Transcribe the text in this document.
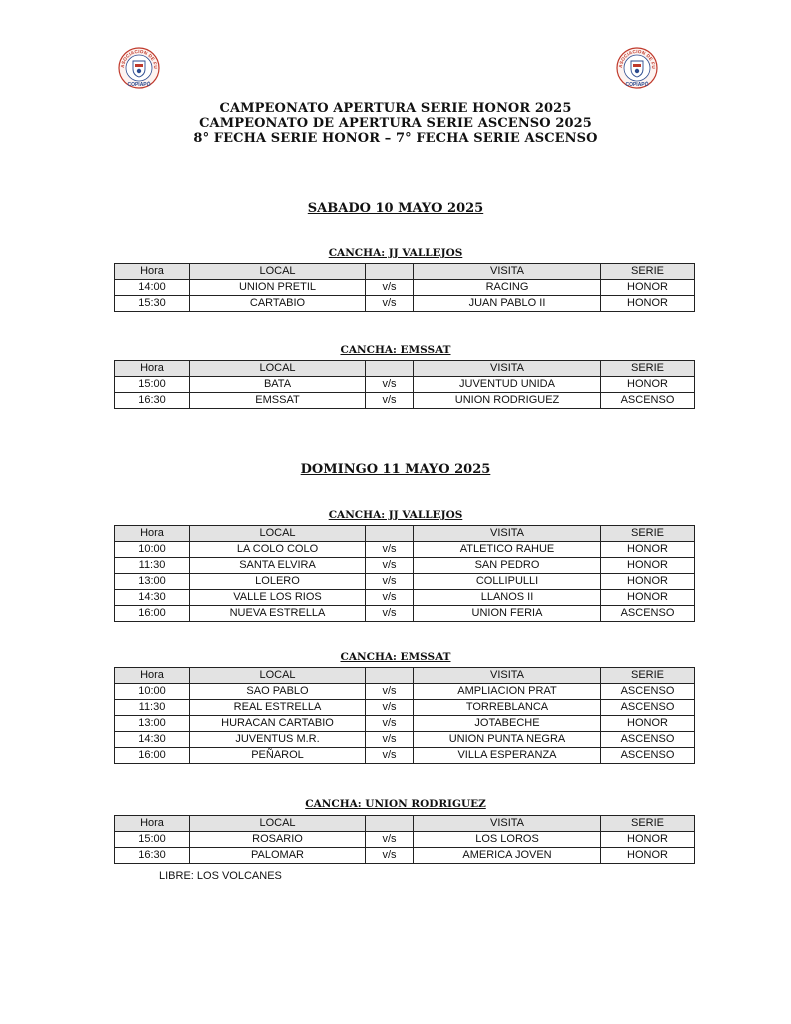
ASOCIACION DE FU
COPIAPÓ
ASOCIACION DE FU
COPIAPÓ
CAMPEONATO APERTURA SERIE HONOR 2025
CAMPEONATO DE APERTURA SERIE ASCENSO 2025
8° FECHA SERIE HONOR – 7° FECHA SERIE ASCENSO
SABADO 10 MAYO 2025
CANCHA: JJ VALLEJOS
Hora	LOCAL		VISITA	SERIE
14:00	UNION PRETIL	v/s	RACING	HONOR
15:30	CARTABIO	v/s	JUAN PABLO II	HONOR
CANCHA: EMSSAT
Hora	LOCAL		VISITA	SERIE
15:00	BATA	v/s	JUVENTUD UNIDA	HONOR
16:30	EMSSAT	v/s	UNION RODRIGUEZ	ASCENSO
DOMINGO 11 MAYO 2025
CANCHA: JJ VALLEJOS
Hora	LOCAL		VISITA	SERIE
10:00	LA COLO COLO	v/s	ATLETICO RAHUE	HONOR
11:30	SANTA ELVIRA	v/s	SAN PEDRO	HONOR
13:00	LOLERO	v/s	COLLIPULLI	HONOR
14:30	VALLE LOS RIOS	v/s	LLANOS II	HONOR
16:00	NUEVA ESTRELLA	v/s	UNION FERIA	ASCENSO
CANCHA: EMSSAT
Hora	LOCAL		VISITA	SERIE
10:00	SAO PABLO	v/s	AMPLIACION PRAT	ASCENSO
11:30	REAL ESTRELLA	v/s	TORREBLANCA	ASCENSO
13:00	HURACAN CARTABIO	v/s	JOTABECHE	HONOR
14:30	JUVENTUS M.R.	v/s	UNION PUNTA NEGRA	ASCENSO
16:00	PEÑAROL	v/s	VILLA ESPERANZA	ASCENSO
CANCHA: UNION RODRIGUEZ
Hora	LOCAL		VISITA	SERIE
15:00	ROSARIO	v/s	LOS LOROS	HONOR
16:30	PALOMAR	v/s	AMERICA JOVEN	HONOR
LIBRE: LOS VOLCANES
